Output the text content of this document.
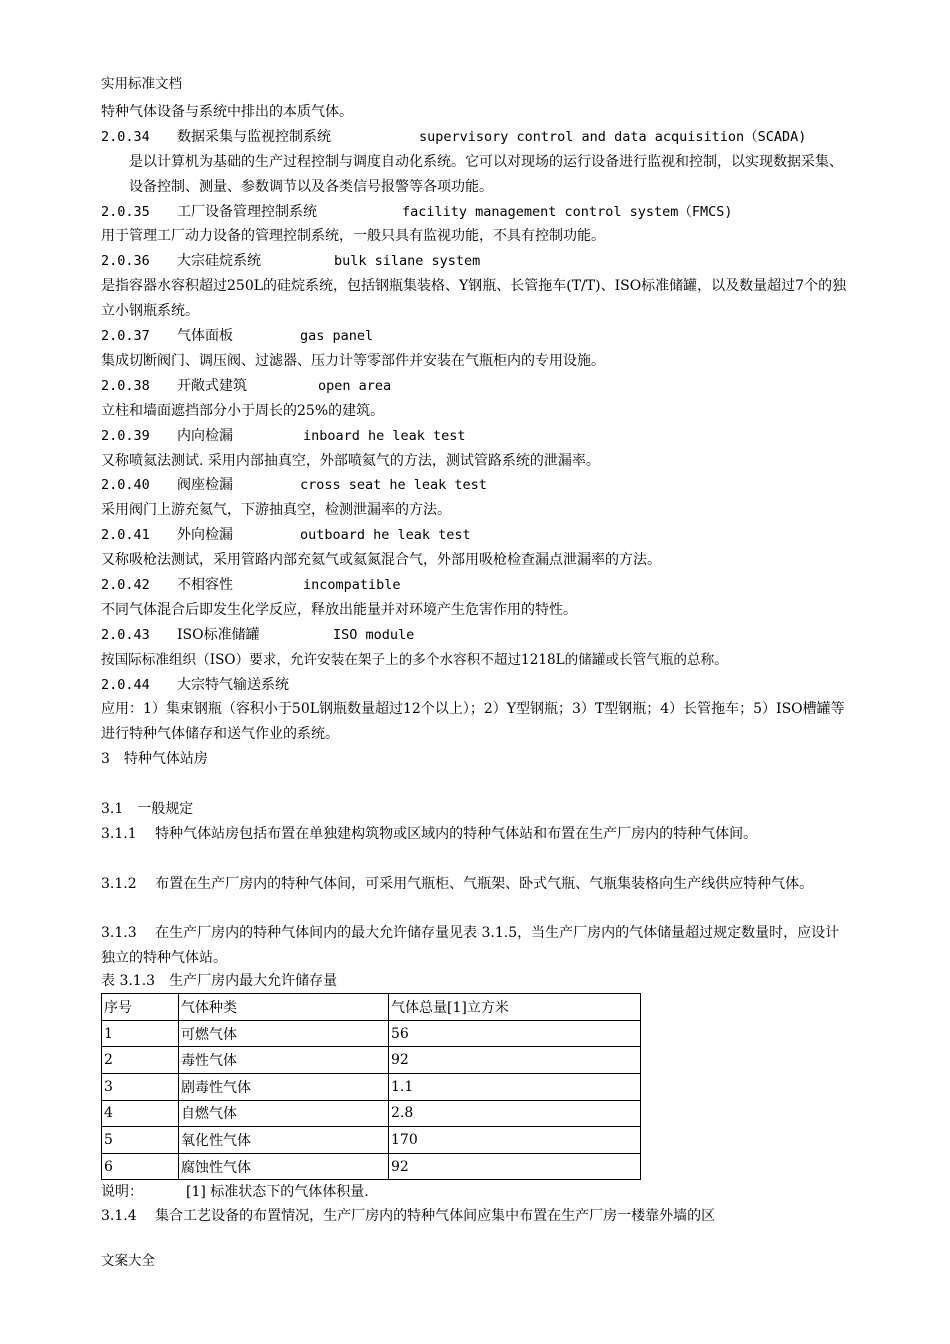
实用标准文档
特种气体设备与系统中排出的本质气体。
2.0.34 数据采集与监视控制系统	supervisory control and data acquisition（SCADA)
是以计算机为基础的生产过程控制与调度自动化系统。它可以对现场的运行设备进行监视和控制，以实现数据采集、设备控制、测量、参数调节以及各类信号报警等各项功能。
2.0.35 工厂设备管理控制系统	facility management control system（FMCS)
用于管理工厂动力设备的管理控制系统，一般只具有监视功能，不具有控制功能。
2.0.36 大宗硅烷系统	bulk silane system
是指容器水容积超过250L的硅烷系统，包括钢瓶集装格、Y钢瓶、长管拖车(T/T)、ISO标准储罐，以及数量超过7个的独立小钢瓶系统。
2.0.37 气体面板	gas panel
集成切断阀门、调压阀、过滤器、压力计等零部件并安装在气瓶柜内的专用设施。
2.0.38 开敞式建筑	open area
立柱和墙面遮挡部分小于周长的25%的建筑。
2.0.39 内向检漏	inboard he leak test
又称喷氦法测试. 采用内部抽真空，外部喷氦气的方法，测试管路系统的泄漏率。
2.0.40 阀座检漏	cross seat he leak test
采用阀门上游充氦气，下游抽真空，检测泄漏率的方法。
2.0.41 外向检漏	outboard he leak test
又称吸枪法测试，采用管路内部充氦气或氦氮混合气，外部用吸枪检查漏点泄漏率的方法。
2.0.42 不相容性	incompatible
不同气体混合后即发生化学反应，释放出能量并对环境产生危害作用的特性。
2.0.43 ISO标准储罐	ISO module
按国际标准组织（ISO）要求，允许安装在架子上的多个水容积不超过1218L的储罐或长管气瓶的总称。
2.0.44 大宗特气输送系统
应用：1）集束钢瓶（容积小于50L钢瓶数量超过12个以上）；2）Y型钢瓶；3）T型钢瓶；4）长管拖车；5）ISO槽罐等进行特种气体储存和送气作业的系统。
3　特种气体站房
3.1　一般规定
3.1.1　 特种气体站房包括布置在单独建构筑物或区域内的特种气体站和布置在生产厂房内的特种气体间。
3.1.2　 布置在生产厂房内的特种气体间，可采用气瓶柜、气瓶架、卧式气瓶、气瓶集装格向生产线供应特种气体。
3.1.3　 在生产厂房内的特种气体间内的最大允许储存量见表 3.1.5，当生产厂房内的气体储量超过规定数量时，应设计独立的特种气体站。
表 3.1.3　生产厂房内最大允许储存量
序号	气体种类	气体总量[1]立方米
1	可燃气体	56
2	毒性气体	92
3	剧毒性气体	1.1
4	自燃气体	2.8
5	氧化性气体	170
6	腐蚀性气体	92
说明：	[1] 标准状态下的气体体积量.
3.1.4　 集合工艺设备的布置情况，生产厂房内的特种气体间应集中布置在生产厂房一楼靠外墙的区
文案大全
